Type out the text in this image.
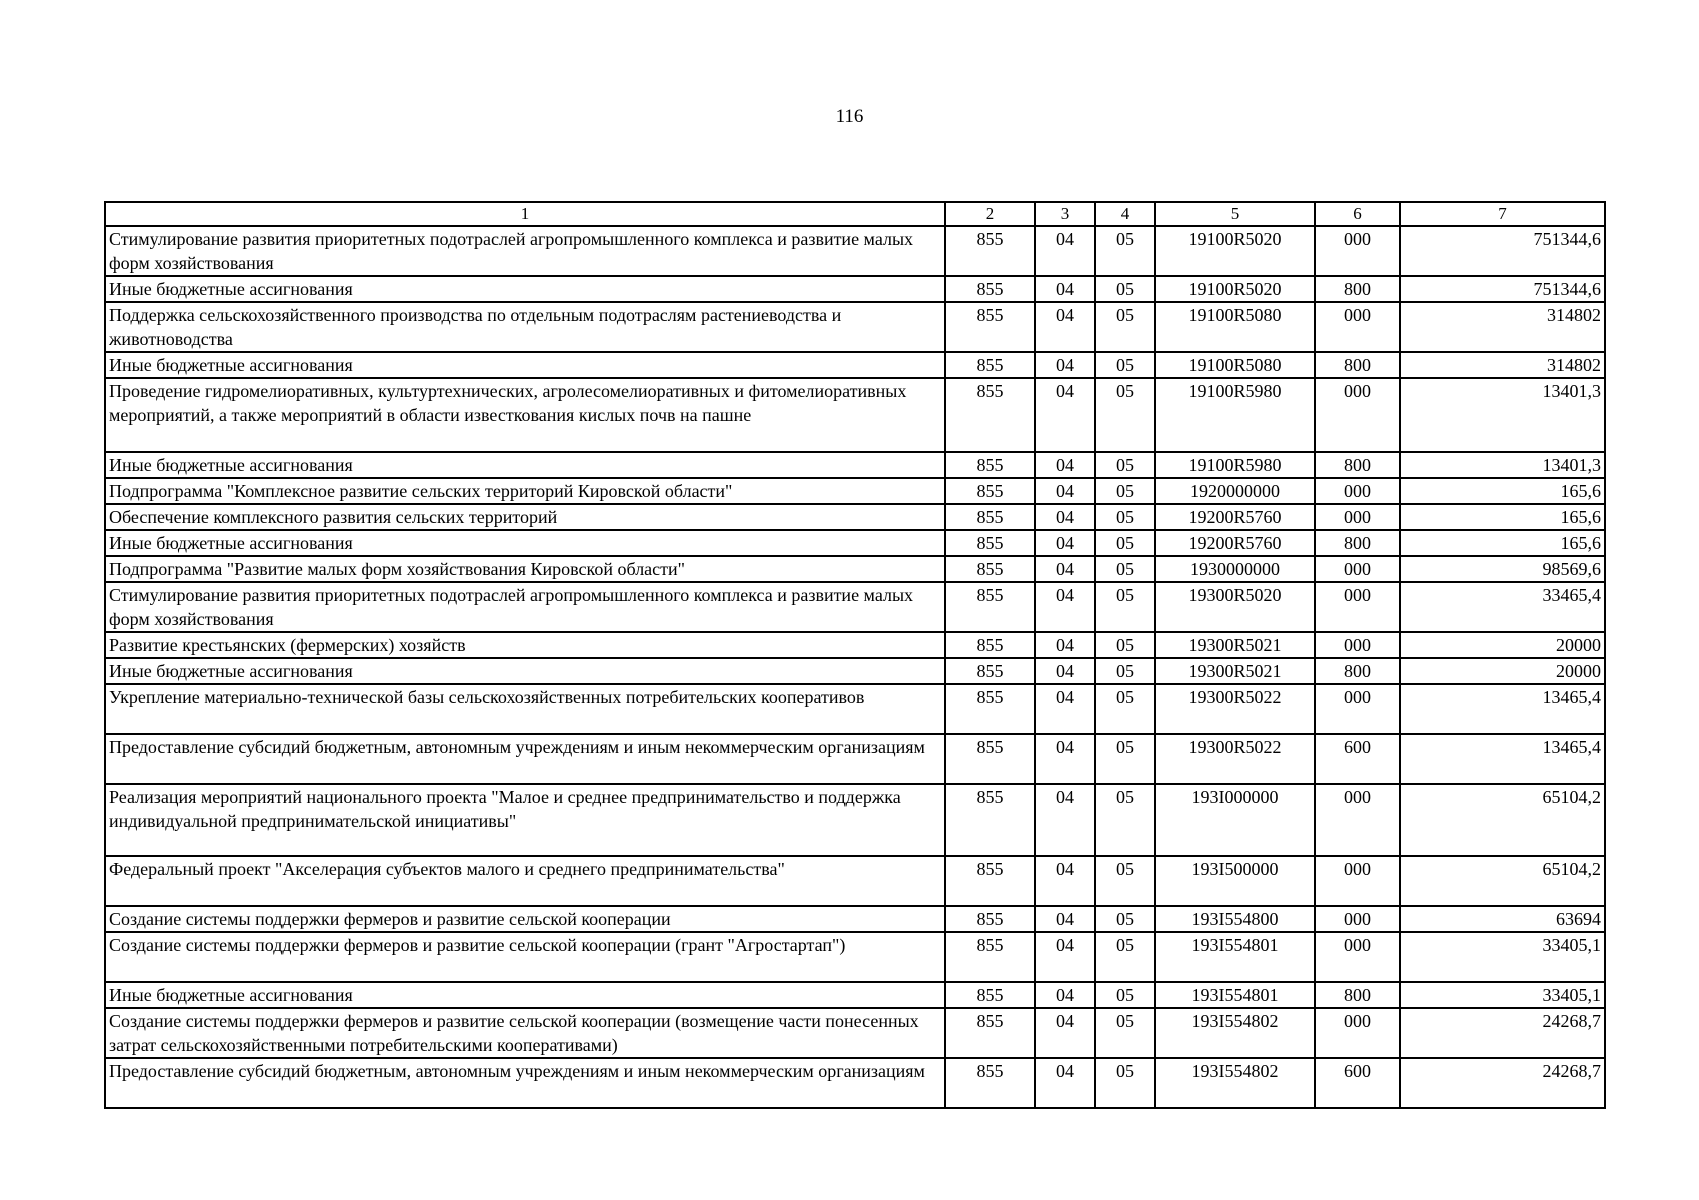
116
1	2	3	4	5	6	7
Стимулирование развития приоритетных подотраслей агропромышленного комплекса и развитие малых форм хозяйствования	855	04	05	19100R5020	000	751344,6
Иные бюджетные ассигнования	855	04	05	19100R5020	800	751344,6
Поддержка сельскохозяйственного производства по отдельным подотраслям растениеводства и животноводства	855	04	05	19100R5080	000	314802
Иные бюджетные ассигнования	855	04	05	19100R5080	800	314802
Проведение гидромелиоративных, культуртехнических, агролесомелиоративных и фитомелиоративных мероприятий, а также мероприятий в области известкования кислых почв на пашне	855	04	05	19100R5980	000	13401,3
Иные бюджетные ассигнования	855	04	05	19100R5980	800	13401,3
Подпрограмма "Комплексное развитие сельских территорий Кировской области"	855	04	05	1920000000	000	165,6
Обеспечение комплексного развития сельских территорий	855	04	05	19200R5760	000	165,6
Иные бюджетные ассигнования	855	04	05	19200R5760	800	165,6
Подпрограмма "Развитие малых форм хозяйствования Кировской области"	855	04	05	1930000000	000	98569,6
Стимулирование развития приоритетных подотраслей агропромышленного комплекса и развитие малых форм хозяйствования	855	04	05	19300R5020	000	33465,4
Развитие крестьянских (фермерских) хозяйств	855	04	05	19300R5021	000	20000
Иные бюджетные ассигнования	855	04	05	19300R5021	800	20000
Укрепление материально-технической базы сельскохозяйственных потребительских кооперативов	855	04	05	19300R5022	000	13465,4
Предоставление субсидий бюджетным, автономным учреждениям и иным некоммерческим организациям	855	04	05	19300R5022	600	13465,4
Реализация мероприятий национального проекта "Малое и среднее предпринимательство и поддержка индивидуальной предпринимательской инициативы"	855	04	05	193I000000	000	65104,2
Федеральный проект "Акселерация субъектов малого и среднего предпринимательства"	855	04	05	193I500000	000	65104,2
Создание системы поддержки фермеров и развитие сельской кооперации	855	04	05	193I554800	000	63694
Создание системы поддержки фермеров и развитие сельской кооперации (грант "Агростартап")	855	04	05	193I554801	000	33405,1
Иные бюджетные ассигнования	855	04	05	193I554801	800	33405,1
Создание системы поддержки фермеров и развитие сельской кооперации (возмещение части понесенных затрат сельскохозяйственными потребительскими кооперативами)	855	04	05	193I554802	000	24268,7
Предоставление субсидий бюджетным, автономным учреждениям и иным некоммерческим организациям	855	04	05	193I554802	600	24268,7
